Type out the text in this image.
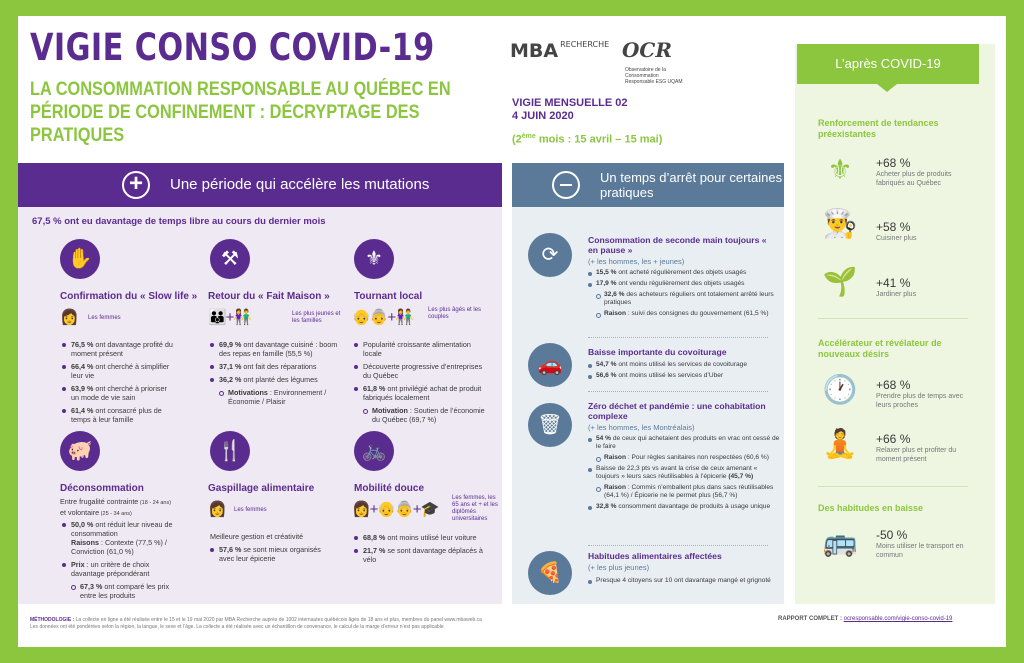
VIGIE CONSO COVID-19
LA CONSOMMATION RESPONSABLE AU QUÉBEC EN PÉRIODE DE CONFINEMENT : DÉCRYPTAGE DES PRATIQUES
MBA $^{RECHERCHE}$ OCRObservatoire de la Consommation Responsable ESG UQAM
VIGIE MENSUELLE 02
4 JUIN 2020
(2ème mois : 15 avril – 15 mai)
+	Une période qui accélère les mutations
67,5 % ont eu davantage de temps libre au cours du dernier mois
✋
Confirmation du « Slow life »
👩 Les femmes
76,5 % ont davantage profité du moment présent
66,4 % ont cherché à simplifier leur vie
63,9 % ont cherché à prioriser un mode de vie sain
61,4 % ont consacré plus de temps à leur famille
⚒
Retour du « Fait Maison »
👪+👫	Les plus jeunes et les familles
69,9 % ont davantage cuisiné : boom des repas en famille (55,5 %)
37,1 % ont fait des réparations
36,2 % ont planté des légumes
Motivations : Environnement / Économie / Plaisir
⚜
Tournant local
👴👵+👫	Les plus âgés et les couples
Popularité croissante alimentation locale
Découverte progressive d’entreprises du Québec
61,8 % ont privilégié achat de produit fabriqués localement
Motivation : Soutien de l’économie du Québec (69,7 %)
🐖
Déconsommation
Entre frugalité contrainte (18 - 24 ans)
et volontaire (25 - 34 ans)
50,0 % ont réduit leur niveau de consommation
Raisons : Contexte (77,5 %) / Conviction (61,0 %)
Prix : un critère de choix davantage prépondérant
67,3 % ont comparé les prix entre les produits
🍴
Gaspillage alimentaire
👩 Les femmes
Meilleure gestion et créativité
57,6 % se sont mieux organisés avec leur épicerie
🚲
Mobilité douce
👩+👴👵+🎓
Les femmes, les 65 ans et + et les diplômés universitaires
68,8 % ont moins utilisé leur voiture
21,7 % se sont davantage déplacés à vélo
Un temps d’arrêt pour certaines pratiques
⟳
Consommation de seconde main toujours « en pause »
(+ les hommes, les + jeunes)
15,5 % ont acheté régulièrement des objets usagés
17,9 % ont vendu régulièrement des objets usagés
32,6 % des acheteurs réguliers ont totalement arrêté leurs pratiques
Raison : suivi des consignes du gouvernement (61,5 %)
🚗
Baisse importante du covoiturage
54,7 % ont moins utilisé les services de covoiturage
56,6 % ont moins utilisé les services d’Uber
🗑
Zéro déchet et pandémie : une cohabitation complexe
(+ les hommes, les Montréalais)
54 % de ceux qui achetaient des produits en vrac ont cessé de le faire
Raison : Pour règles sanitaires non respectées (60,6 %)
Baisse de 22,3 pts vs avant la crise de ceux amenant « toujours » leurs sacs réutilisables à l’épicerie (45,7 %)
Raison : Commis n’emballent plus dans sacs réutilisables (64,1 %) / Épicerie ne le permet plus (56,7 %)
32,8 % consomment davantage de produits à usage unique
🍕
Habitudes alimentaires affectées
(+ les plus jeunes)
Presque 4 citoyens sur 10 ont davantage mangé et grignoté
L’après COVID-19
Renforcement de tendances préexistantes
⚜	+68 %
Acheter plus de produits fabriqués au Québec
👨‍🍳 +58 %
Cuisiner plus
🌱 +41 %
Jardiner plus
Accélérateur et révélateur de nouveaux désirs
🕐 +68 %
Prendre plus de temps avec leurs proches
🧘 +66 %
Relaxer plus et profiter du moment présent
Des habitudes en baisse
🚌 -50 %
Moins utiliser le transport en commun
MÉTHODOLOGIE : La collecte en ligne a été réalisée entre le 15 et le 19 mai 2020 par MBA Recherche auprès de 1002 internautes québécois âgés de 18 ans et plus, membres du panel www.mbaweb.ca
Les données ont été pondérées selon la région, la langue, le sexe et l’âge. La collecte a été réalisée avec un échantillon de convenance, le calcul de la marge d’erreur n’est pas applicable
RAPPORT COMPLET : ocresponsable.com/vigie-conso-covid-19
